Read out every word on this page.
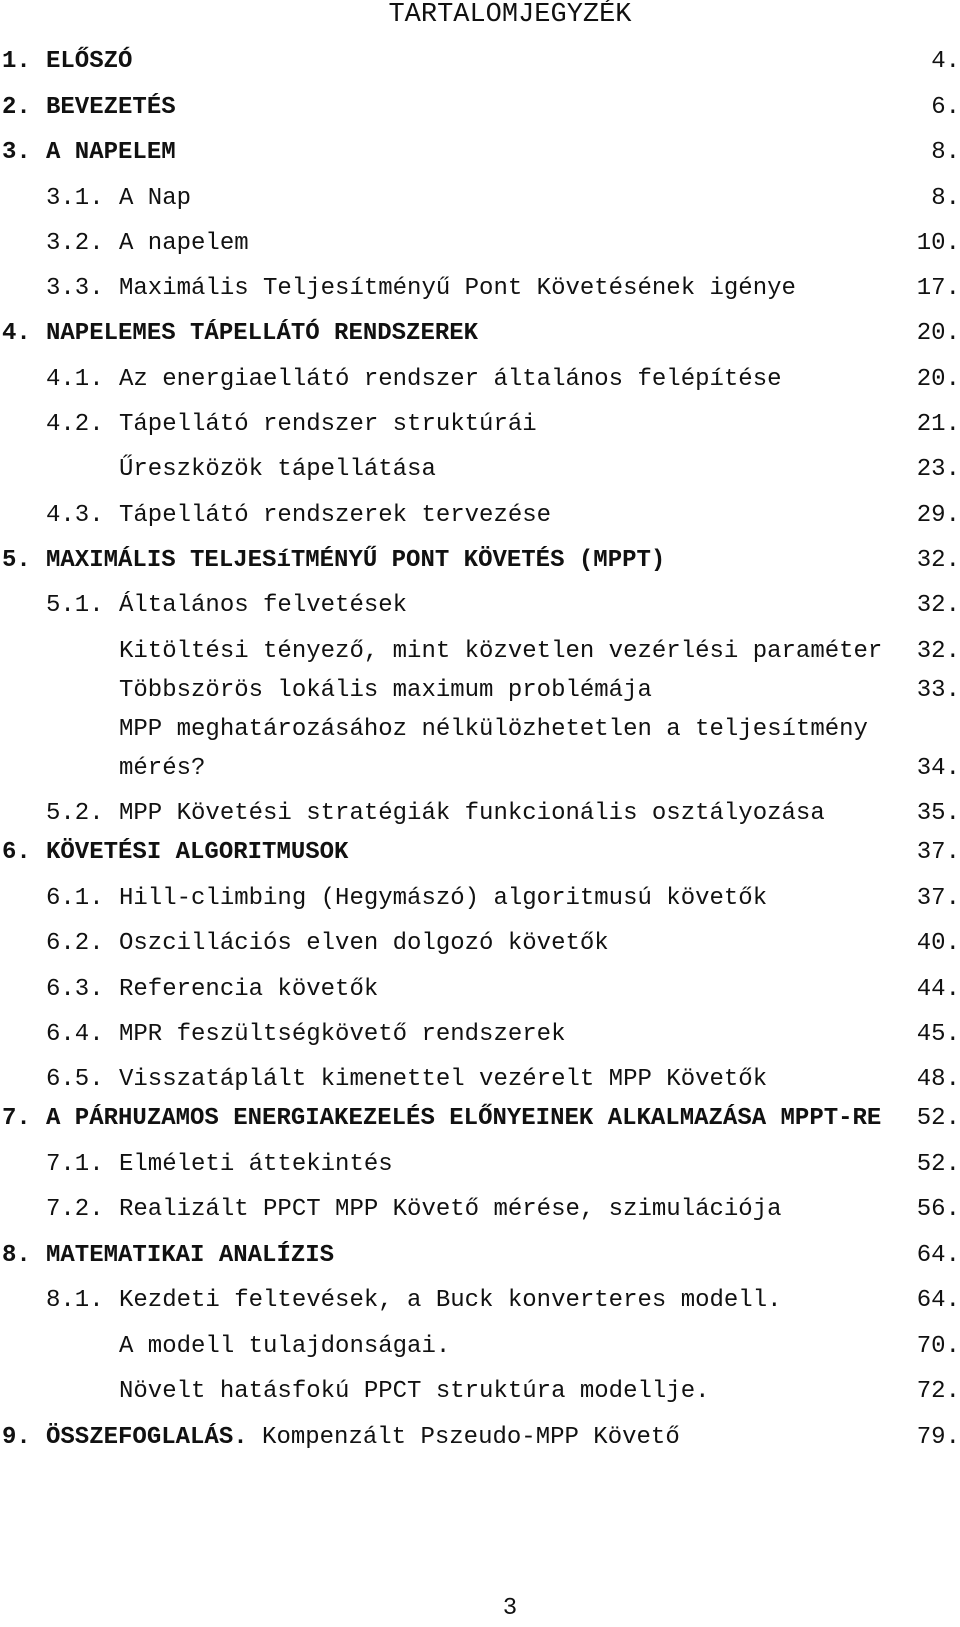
TARTALOMJEGYZÉK
1. ELŐSZÓ	4.
2. BEVEZETÉS	6.
3. A NAPELEM	8.
3.1. A Nap	8.
3.2. A napelem	10.
3.3. Maximális Teljesítményű Pont Követésének igénye	17.
4. NAPELEMES TÁPELLÁTÓ RENDSZEREK	20.
4.1. Az energiaellátó rendszer általános felépítése	20.
4.2. Tápellátó rendszer struktúrái	21.
Űreszközök tápellátása	23.
4.3. Tápellátó rendszerek tervezése	29.
5. MAXIMÁLIS TELJESíTMÉNYŰ PONT KÖVETÉS (MPPT)	32.
5.1. Általános felvetések	32.
Kitöltési tényező, mint közvetlen vezérlési paraméter	32.
Többszörös lokális maximum problémája	33.
MPP meghatározásához nélkülözhetetlen a teljesítmény
mérés?	34.
5.2. MPP Követési stratégiák funkcionális osztályozása	35.
6. KÖVETÉSI ALGORITMUSOK	37.
6.1. Hill-climbing (Hegymászó) algoritmusú követők	37.
6.2. Oszcillációs elven dolgozó követők	40.
6.3. Referencia követők	44.
6.4. MPR feszültségkövető rendszerek	45.
6.5. Visszatáplált kimenettel vezérelt MPP Követők	48.
7. A PÁRHUZAMOS ENERGIAKEZELÉS ELŐNYEINEK ALKALMAZÁSA MPPT-RE	52.
7.1. Elméleti áttekintés	52.
7.2. Realizált PPCT MPP Követő mérése, szimulációja	56.
8. MATEMATIKAI ANALÍZIS	64.
8.1. Kezdeti feltevések, a Buck konverteres modell.	64.
A modell tulajdonságai.	70.
Növelt hatásfokú PPCT struktúra modellje.	72.
9. ÖSSZEFOGLALÁS. Kompenzált Pszeudo-MPP Követő	79.
3
